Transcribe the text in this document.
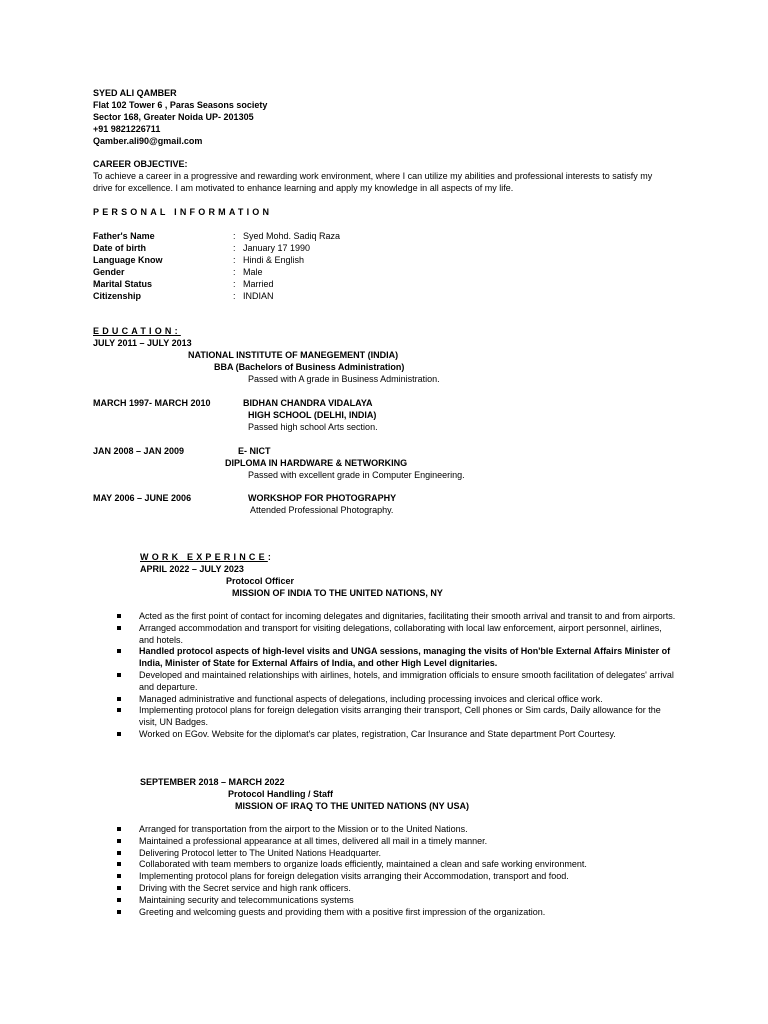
SYED ALI QAMBER
Flat 102 Tower 6 , Paras Seasons society
Sector 168, Greater Noida UP- 201305
+91 9821226711
Qamber.ali90@gmail.com
CAREER OBJECTIVE:
To achieve a career in a progressive and rewarding work environment, where I can utilize my abilities and professional interests to satisfy my drive for excellence. I am motivated to enhance learning and apply my knowledge in all aspects of my life.
PERSONAL INFORMATION
Father's Name	: Syed Mohd. Sadiq Raza
Date of birth	: January 17 1990
Language Know	: Hindi & English
Gender	: Male
Marital Status	: Married
Citizenship	: INDIAN
EDUCATION:
JULY 2011 – JULY 2013
NATIONAL INSTITUTE OF MANEGEMENT (INDIA)
BBA (Bachelors of Business Administration)
Passed with A grade in Business Administration.
MARCH 1997- MARCH 2010	BIDHAN CHANDRA VIDALAYA
HIGH SCHOOL (DELHI, INDIA)
Passed high school Arts section.
JAN 2008 – JAN 2009	E- NICT
DIPLOMA IN HARDWARE & NETWORKING
Passed with excellent grade in Computer Engineering.
MAY 2006 – JUNE 2006	WORKSHOP FOR PHOTOGRAPHY
Attended Professional Photography.
WORK EXPERINCE:
APRIL 2022 – JULY 2023
Protocol Officer
MISSION OF INDIA TO THE UNITED NATIONS, NY
Acted as the first point of contact for incoming delegates and dignitaries, facilitating their smooth arrival and transit to and from airports.
Arranged accommodation and transport for visiting delegations, collaborating with local law enforcement, airport personnel, airlines, and hotels.
Handled protocol aspects of high-level visits and UNGA sessions, managing the visits of Hon'ble External Affairs Minister of India, Minister of State for External Affairs of India, and other High Level dignitaries.
Developed and maintained relationships with airlines, hotels, and immigration officials to ensure smooth facilitation of delegates' arrival and departure.
Managed administrative and functional aspects of delegations, including processing invoices and clerical office work.
Implementing protocol plans for foreign delegation visits arranging their transport, Cell phones or Sim cards, Daily allowance for the visit, UN Badges.
Worked on EGov. Website for the diplomat's car plates, registration, Car Insurance and State department Port Courtesy.
SEPTEMBER 2018 – MARCH 2022
Protocol Handling / Staff
MISSION OF IRAQ TO THE UNITED NATIONS (NY USA)
Arranged for transportation from the airport to the Mission or to the United Nations.
Maintained a professional appearance at all times, delivered all mail in a timely manner.
Delivering Protocol letter to The United Nations Headquarter.
Collaborated with team members to organize loads efficiently, maintained a clean and safe working environment.
Implementing protocol plans for foreign delegation visits arranging their Accommodation, transport and food.
Driving with the Secret service and high rank officers.
Maintaining security and telecommunications systems
Greeting and welcoming guests and providing them with a positive first impression of the organization.
